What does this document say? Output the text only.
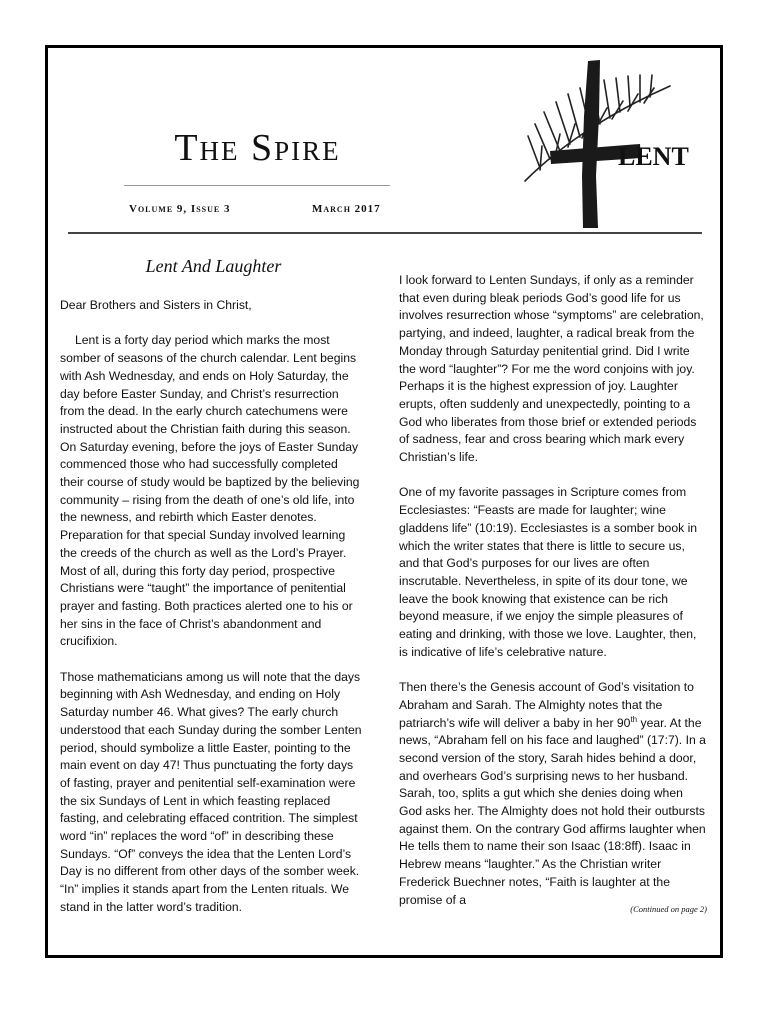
The Spire
Volume 9, Issue 3	March 2017
LENT
Lent And Laughter

Dear Brothers and Sisters in Christ,

Lent is a forty day period which marks the most somber of seasons of the church calendar. Lent begins with Ash Wednesday, and ends on Holy Saturday, the day before Easter Sunday, and Christ’s resurrection from the dead. In the early church catechumens were instructed about the Christian faith during this season. On Saturday evening, before the joys of Easter Sunday commenced those who had successfully completed their course of study would be baptized by the believing community – rising from the death of one’s old life, into the newness, and rebirth which Easter denotes. Preparation for that special Sunday involved learning the creeds of the church as well as the Lord’s Prayer. Most of all, during this forty day period, prospective Christians were “taught” the importance of penitential prayer and fasting. Both practices alerted one to his or her sins in the face of Christ’s abandonment and crucifixion.

Those mathematicians among us will note that the days beginning with Ash Wednesday, and ending on Holy Saturday number 46. What gives? The early church understood that each Sunday during the somber Lenten period, should symbolize a little Easter, pointing to the main event on day 47! Thus punctuating the forty days of fasting, prayer and penitential self-examination were the six Sundays of Lent in which feasting replaced fasting, and celebrating effaced contrition. The simplest word “in” replaces the word “of” in describing these Sundays. “Of” conveys the idea that the Lenten Lord’s Day is no different from other days of the somber week. “In” implies it stands apart from the Lenten rituals. We stand in the latter word’s tradition.

I look forward to Lenten Sundays, if only as a reminder that even during bleak periods God’s good life for us involves resurrection whose “symptoms” are celebration, partying, and indeed, laughter, a radical break from the Monday through Saturday penitential grind. Did I write the word “laughter”? For me the word conjoins with joy. Perhaps it is the highest expression of joy. Laughter erupts, often suddenly and unexpectedly, pointing to a God who liberates from those brief or extended periods of sadness, fear and cross bearing which mark every Christian’s life.

One of my favorite passages in Scripture comes from Ecclesiastes: “Feasts are made for laughter; wine gladdens life” (10:19). Ecclesiastes is a somber book in which the writer states that there is little to secure us, and that God’s purposes for our lives are often inscrutable. Nevertheless, in spite of its dour tone, we leave the book knowing that existence can be rich beyond measure, if we enjoy the simple pleasures of eating and drinking, with those we love. Laughter, then, is indicative of life’s celebrative nature.

Then there’s the Genesis account of God’s visitation to Abraham and Sarah. The Almighty notes that the patriarch’s wife will deliver a baby in her 90th year. At the news, “Abraham fell on his face and laughed” (17:7). In a second version of the story, Sarah hides behind a door, and overhears God’s surprising news to her husband. Sarah, too, splits a gut which she denies doing when God asks her. The Almighty does not hold their outbursts against them. On the contrary God affirms laughter when He tells them to name their son Isaac (18:8ff). Isaac in Hebrew means “laughter.” As the Christian writer Frederick Buechner notes, “Faith is laughter at the promise of a

(Continued on page 2)
